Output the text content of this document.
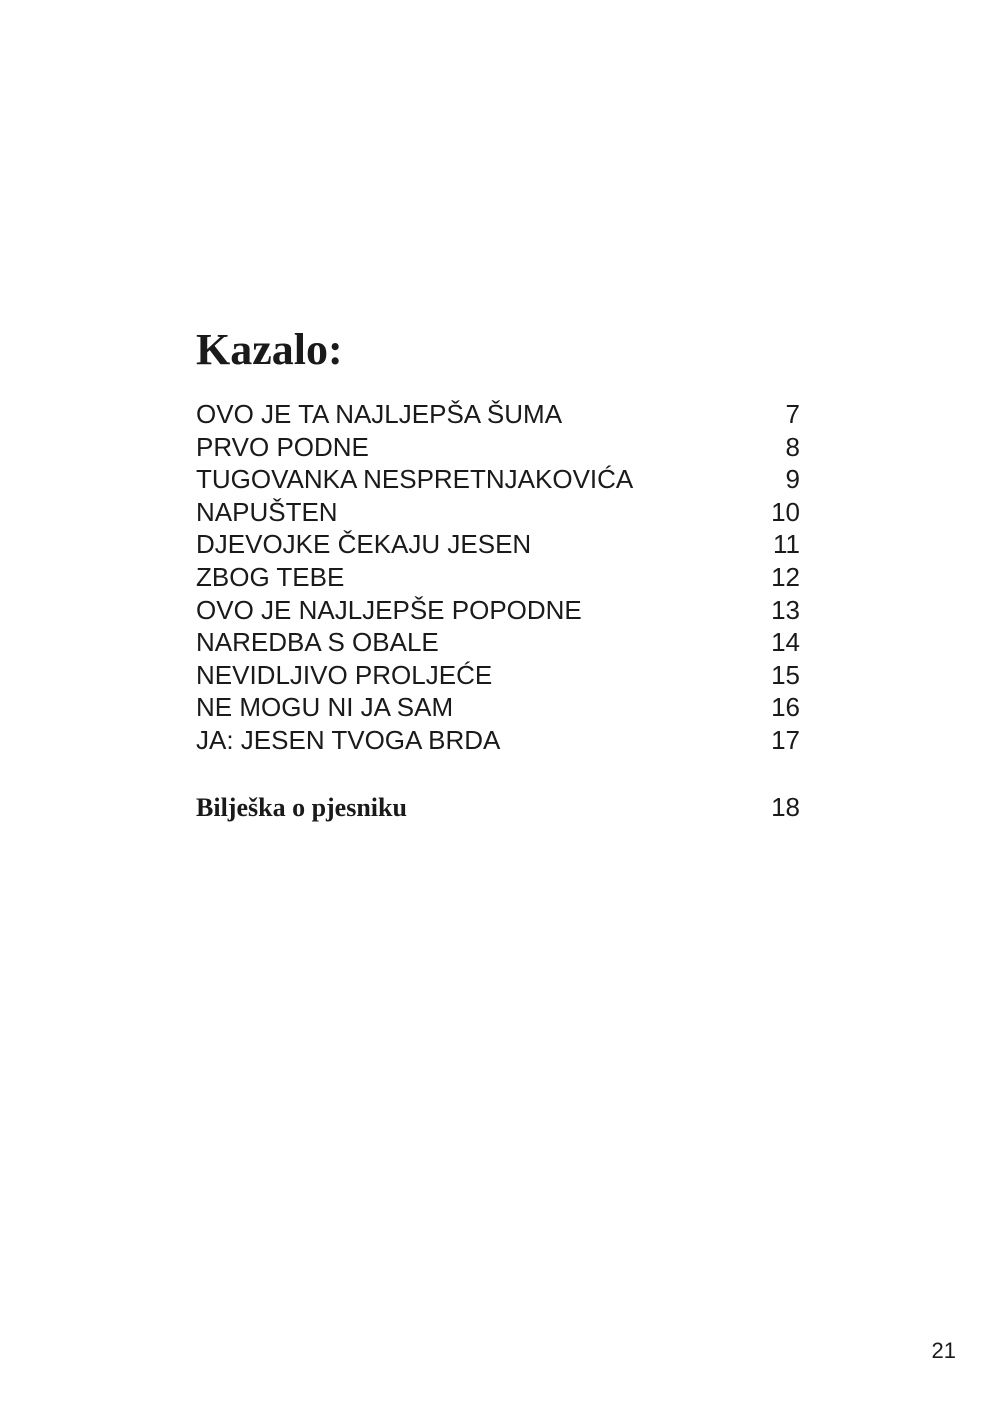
Kazalo:
OVO JE TA NAJLJEPŠA ŠUMA	7
PRVO PODNE	8
TUGOVANKA NESPRETNJAKOVIĆA	9
NAPUŠTEN	10
DJEVOJKE ČEKAJU JESEN	11
ZBOG TEBE	12
OVO JE NAJLJEPŠE POPODNE	13
NAREDBA S OBALE	14
NEVIDLJIVO PROLJEĆE	15
NE MOGU NI JA SAM	16
JA: JESEN TVOGA BRDA	17
Bilješka o pjesniku	18
21
